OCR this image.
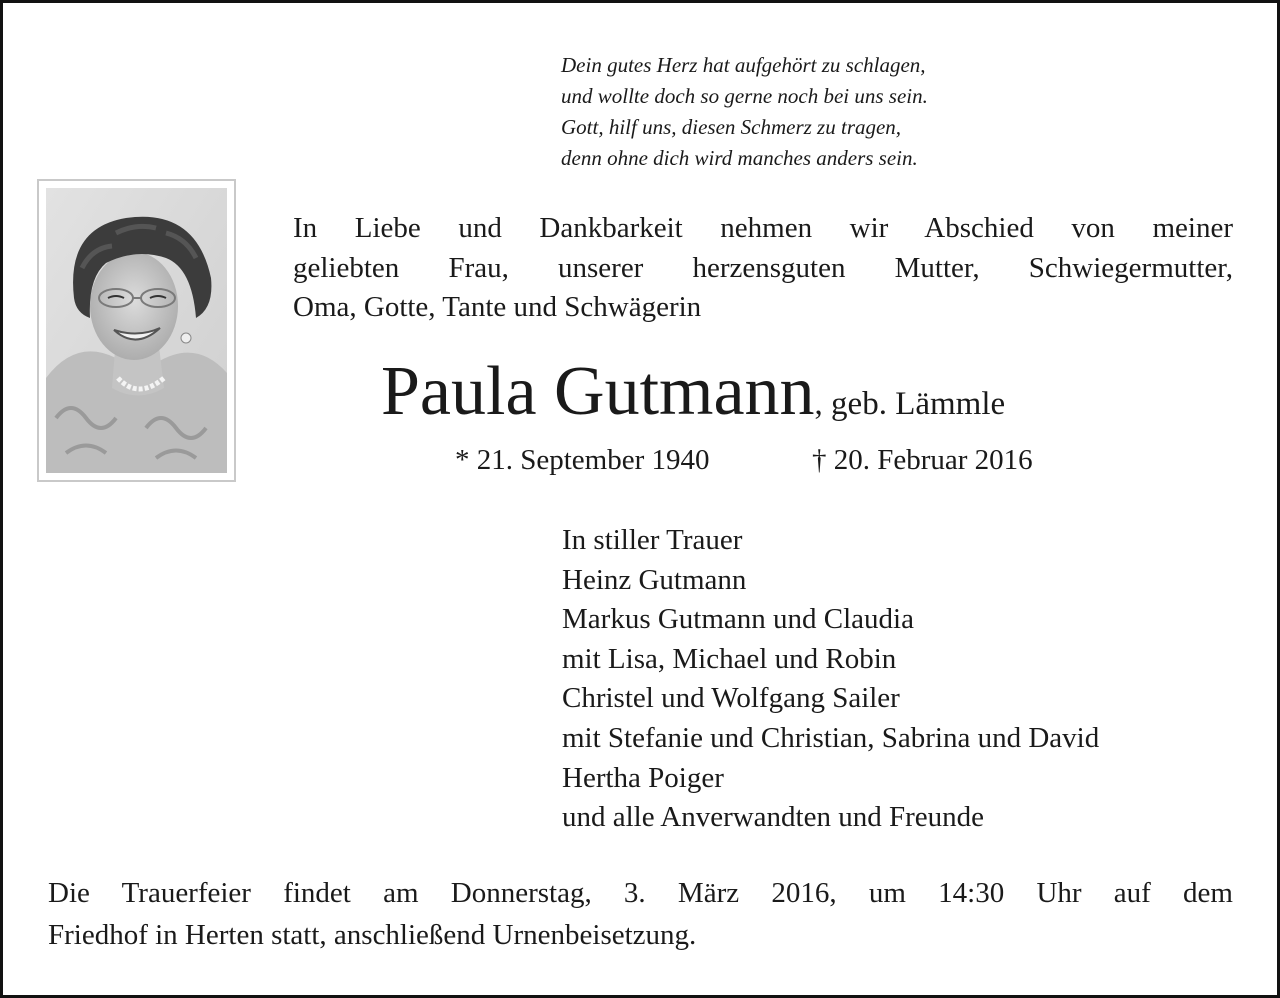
Dein gutes Herz hat aufgehört zu schlagen,
und wollte doch so gerne noch bei uns sein.
Gott, hilf uns, diesen Schmerz zu tragen,
denn ohne dich wird manches anders sein.
In Liebe und Dankbarkeit nehmen wir Abschied von meiner
geliebten Frau, unserer herzensguten Mutter, Schwiegermutter,
Oma, Gotte, Tante und Schwägerin
Paula Gutmann, geb. Lämmle
* 21. September 1940	† 20. Februar 2016
In stiller Trauer
Heinz Gutmann
Markus Gutmann und Claudia
mit Lisa, Michael und Robin
Christel und Wolfgang Sailer
mit Stefanie und Christian, Sabrina und David
Hertha Poiger
und alle Anverwandten und Freunde
Die Trauerfeier findet am Donnerstag, 3. März 2016, um 14:30 Uhr auf dem
Friedhof in Herten statt, anschließend Urnenbeisetzung.
